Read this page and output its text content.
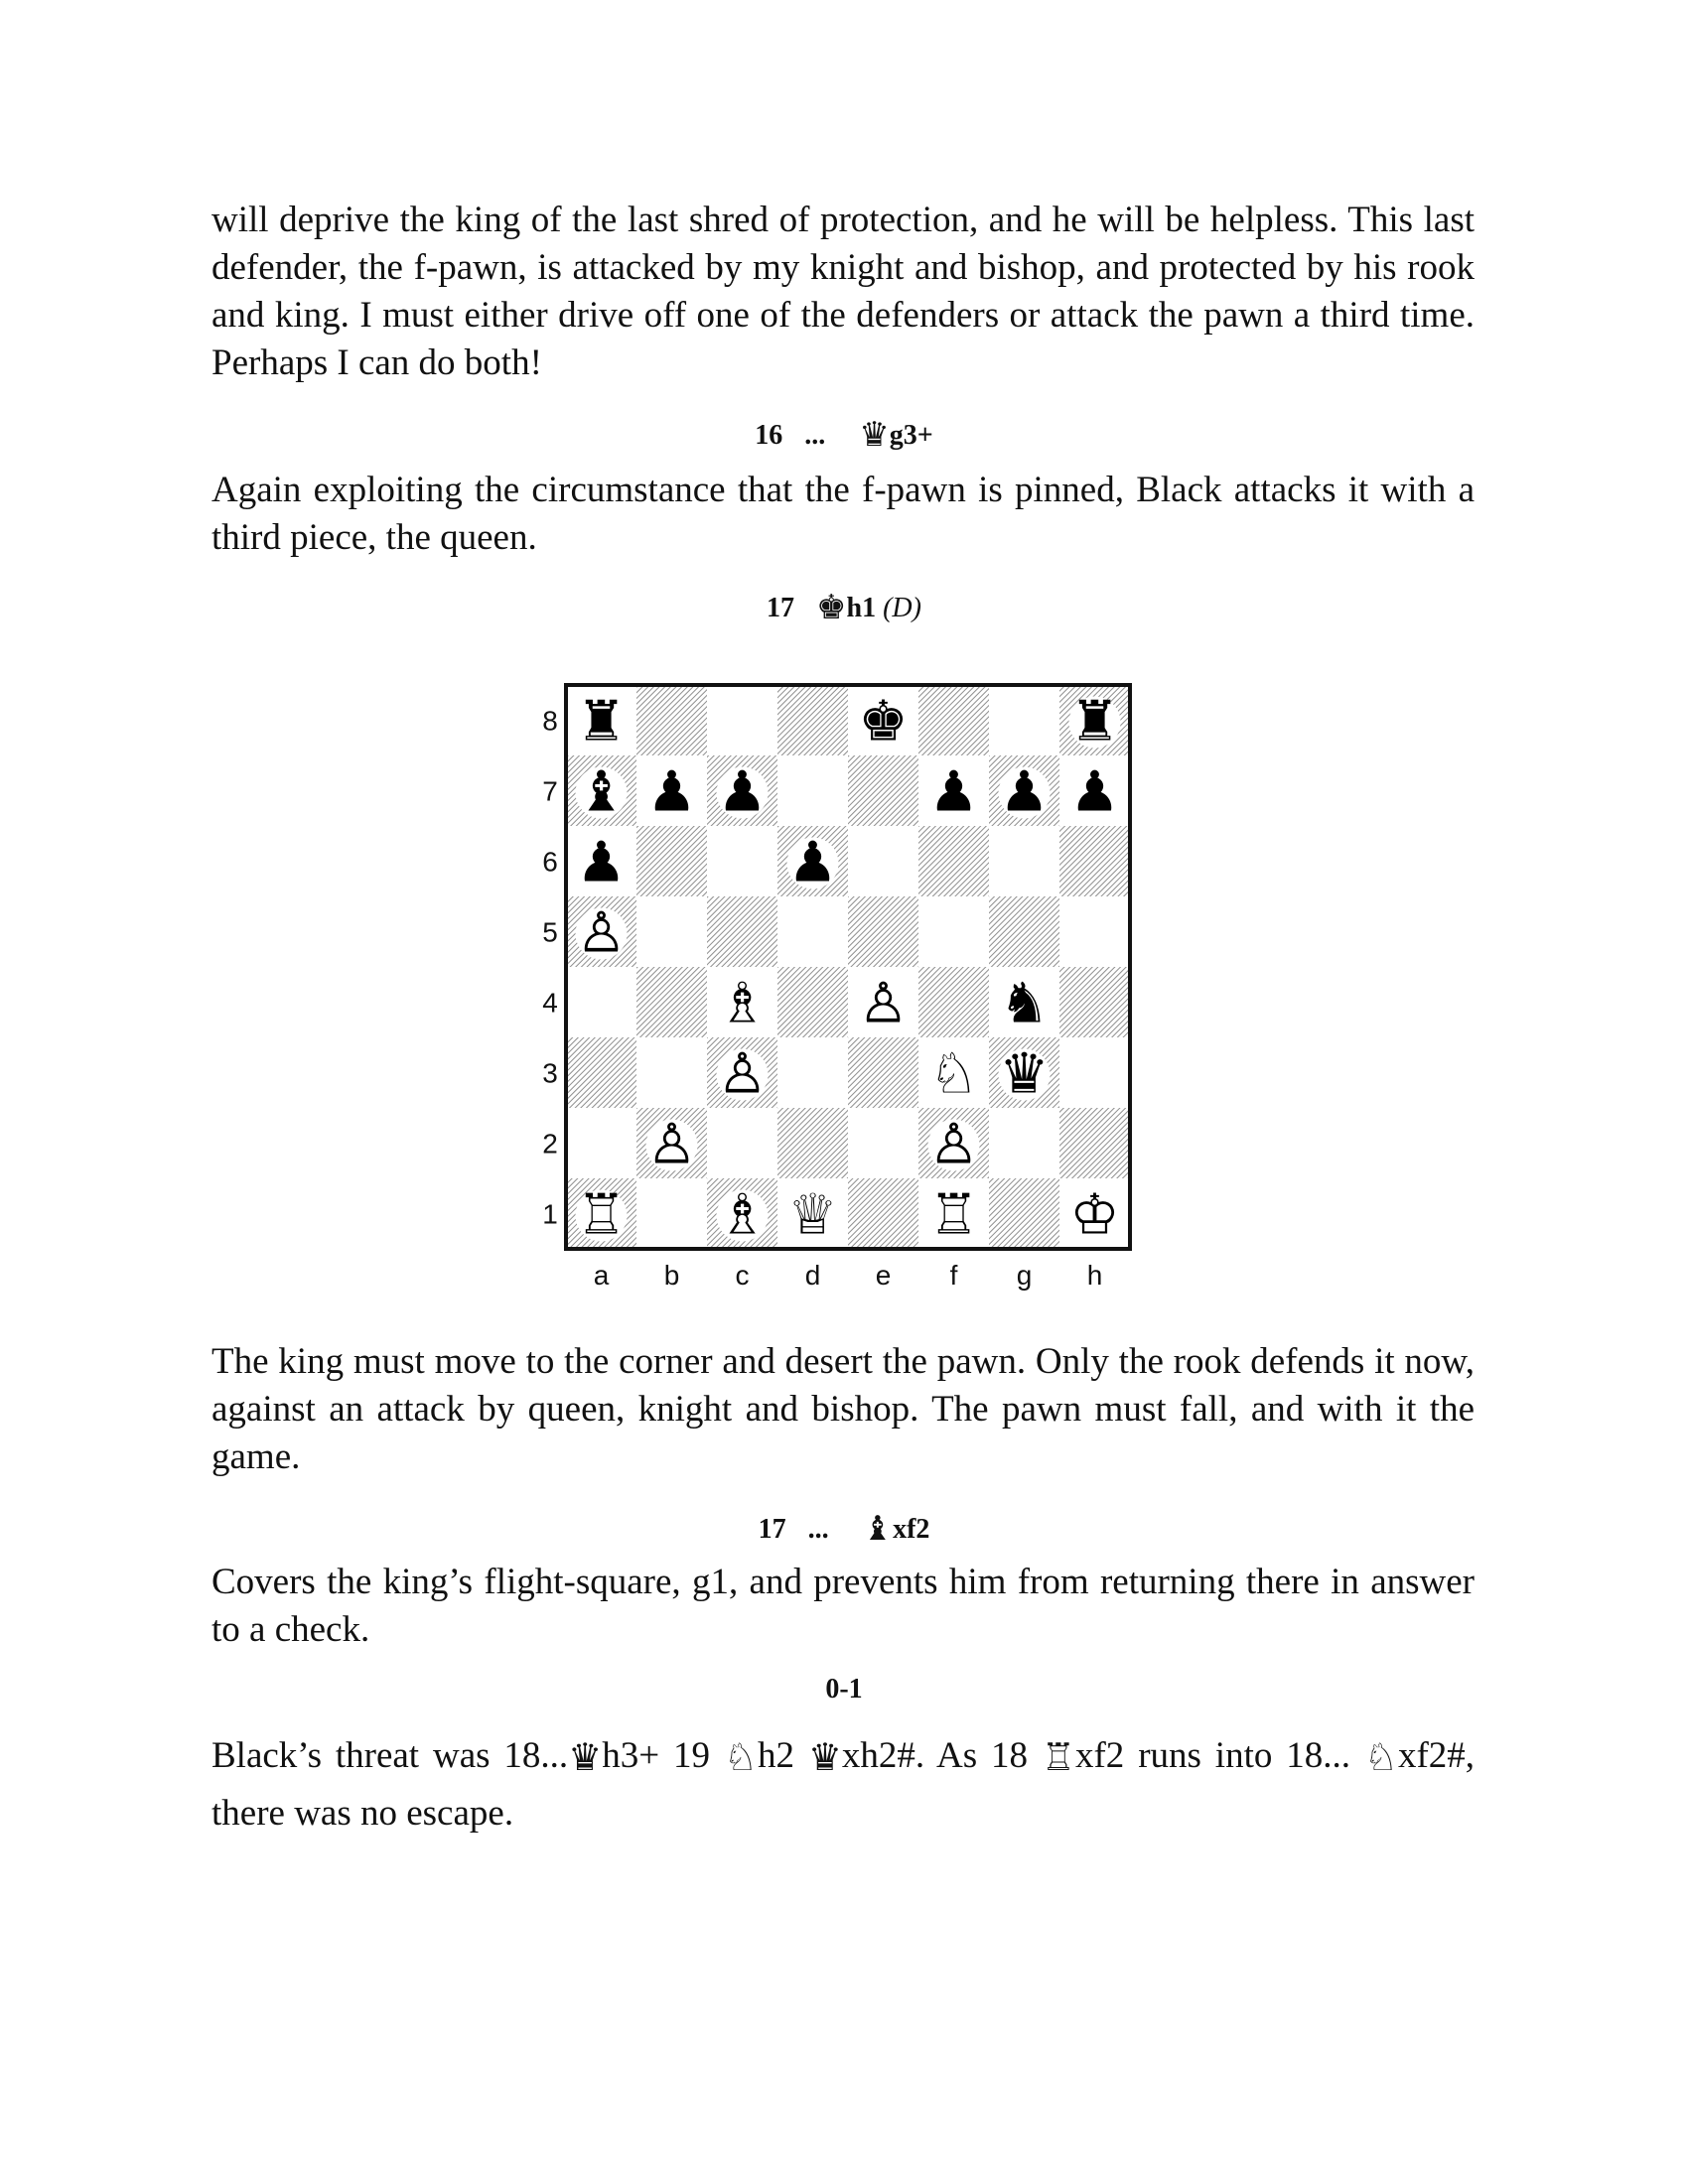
will deprive the king of the last shred of protection, and he will be helpless. This last defender, the f-pawn, is attacked by my knight and bishop, and protected by his rook and king. I must either drive off one of the defenders or attack the pawn a third time. Perhaps I can do both!

16 ... ♛g3+

Again exploiting the circumstance that the f-pawn is pinned, Black attacks it with a third piece, the queen.

17 ♚h1 (D)
8
7
6
5
4
3
2
1
a b c d e f g h
♜	♚	♜
♝ ♟ ♟	♟ ♟ ♟
♟	♟
♙
♗ ♙ ♞
♙	♘ ♛
♙	♙
♖ ♗ ♕ ♖ ♔

The king must move to the corner and desert the pawn. Only the rook defends it now, against an attack by queen, knight and bishop. The pawn must fall, and with it the game.

17 ... ♝xf2

Covers the king’s flight-square, g1, and prevents him from returning there in answer to a check.

0-1

Black’s threat was 18...♛h3+ 19 ♘h2 ♛xh2#. As 18 ♖xf2 runs into 18... ♘xf2#, there was no escape.
